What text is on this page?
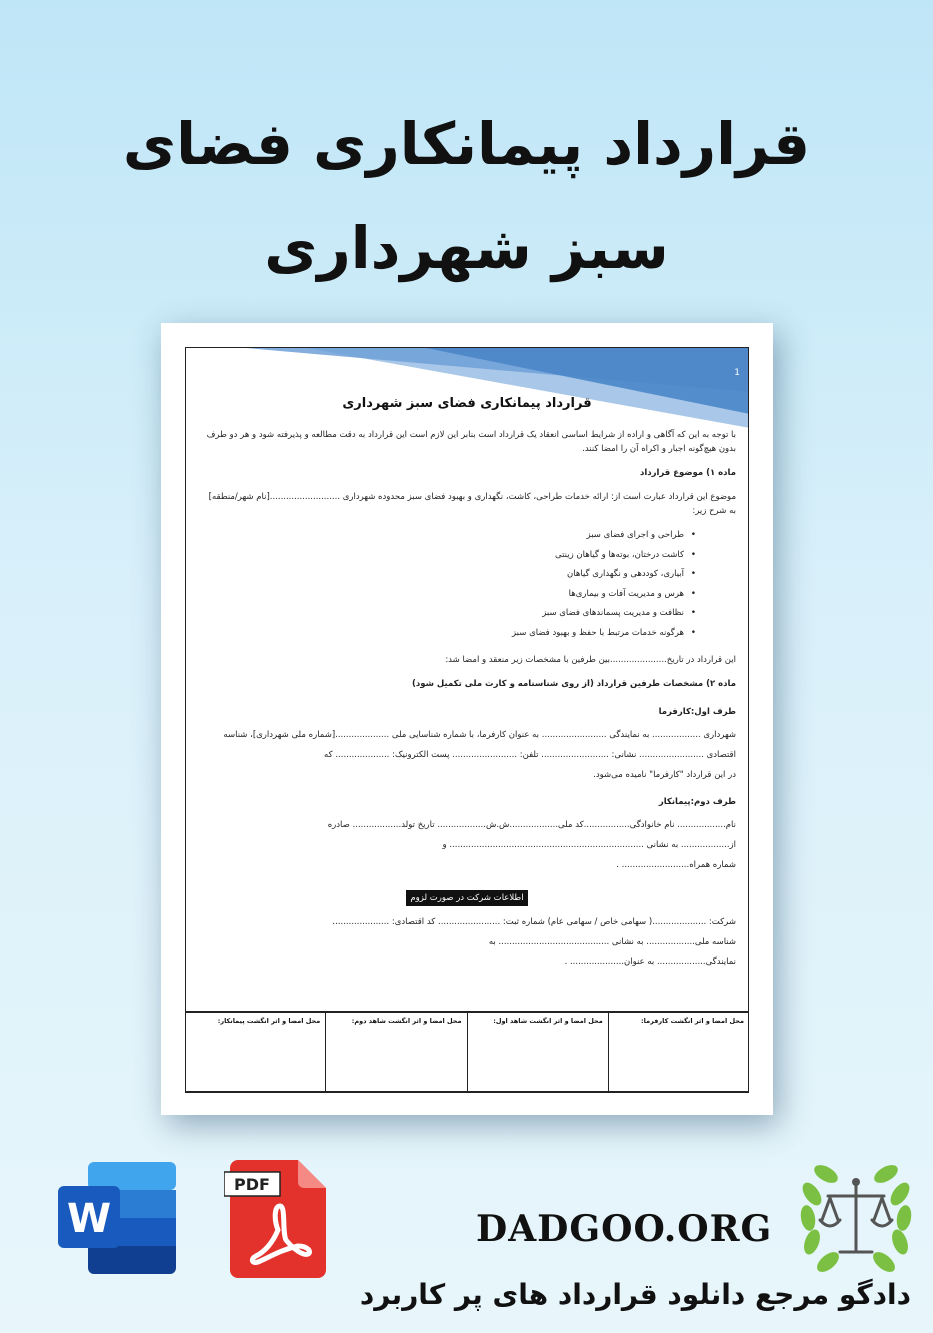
قرارداد پیمانکاری فضای
سبز شهرداری
1
قرارداد پیمانکاری فضای سبز شهرداری
با توجه به این که آگاهی و اراده از شرایط اساسی انعقاد یک قرارداد است بنابر این لازم است این قرارداد به دقت مطالعه و پذیرفته شود و هر دو طرف
بدون هیچ‌گونه اجبار و اکراه آن را امضا کنند.
ماده ۱) موضوع قرارداد
موضوع این قرارداد عبارت است از: ارائه خدمات طراحی، کاشت، نگهداری و بهبود فضای سبز محدوده شهرداری ..........................[نام شهر/منطقه]
به شرح زیر:
• طراحی و اجرای فضای سبز
• کاشت درختان، بوته‌ها و گیاهان زینتی
• آبیاری، کوددهی و نگهداری گیاهان
• هرس و مدیریت آفات و بیماری‌ها
• نظافت و مدیریت پسماندهای فضای سبز
• هرگونه خدمات مرتبط با حفظ و بهبود فضای سبز
این قرارداد در تاریخ.....................بین طرفین با مشخصات زیر منعقد و امضا شد:
ماده ۲) مشخصات طرفین قرارداد (از روی شناسنامه و کارت ملی تکمیل شود)
طرف اول:کارفرما
شهرداری .................. به نمایندگی ........................ به عنوان کارفرما، با شماره شناسایی ملی ....................[شماره ملی شهرداری]، شناسه
اقتصادی ........................ نشانی: ......................... تلفن: ........................ پست الکترونیک: .................... که
در این قرارداد "کارفرما" نامیده می‌شود.
طرف دوم:پیمانکار
نام.................. نام خانوادگی.................کد ملی..................ش.ش.................. تاریخ تولد.................. صادره
از.................. به نشانی ........................................................................ و
شماره همراه......................... .
اطلاعات شرکت در صورت لزوم
شرکت: ....................( سهامی خاص / سهامی عام) شماره ثبت: ....................... کد اقتصادی: .....................
شناسه ملی.................. به نشانی ......................................... به
نمایندگی.................. به عنوان.................... .
محل امضا و اثر انگشت کارفرما:
محل امضا و اثر انگشت شاهد اول:
محل امضا و اثر انگشت شاهد دوم:
محل امضا و اثر انگشت پیمانکار:
W
PDF
DADGOO.ORG
دادگو مرجع دانلود قرارداد های پر کاربرد
